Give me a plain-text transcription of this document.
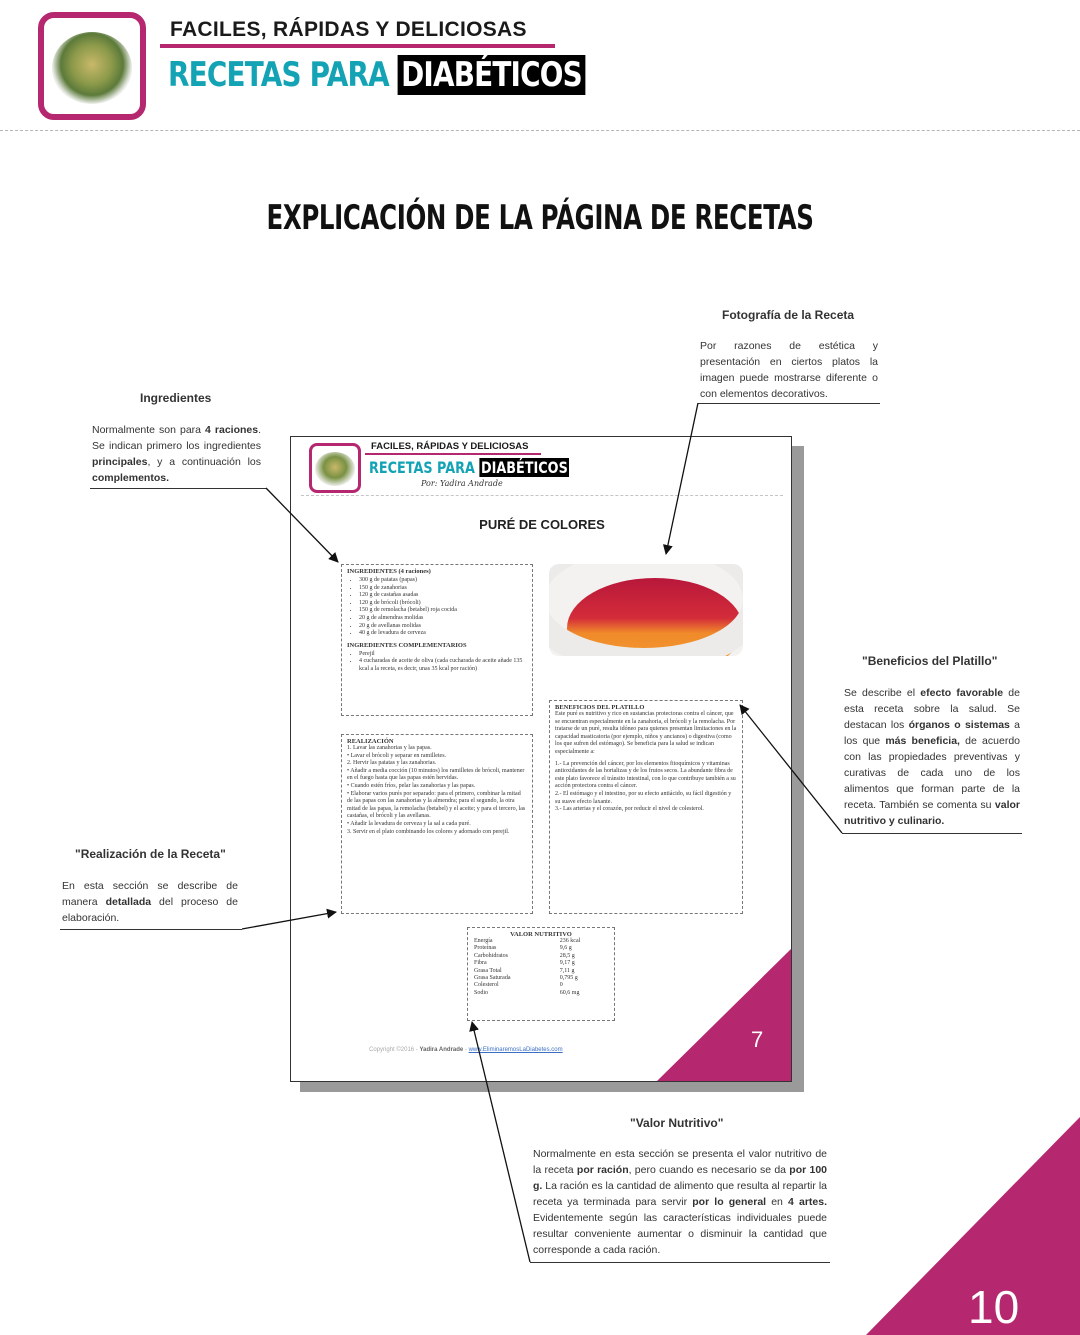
FACILES, RÁPIDAS Y DELICIOSAS
RECETAS PARA DIABÉTICOS
EXPLICACIÓN DE LA PÁGINA DE RECETAS
Fotografía de la Receta
Por razones de estética y presentación en ciertos platos la imagen puede mostrarse diferente o con elementos decorativos.
Ingredientes
Normalmente son para 4 raciones. Se indican primero los ingredientes principales, y a continuación los complementos.
"Beneficios del Platillo"
Se describe el efecto favorable de esta receta sobre la salud. Se destacan los órganos o sistemas a los que más beneficia, de acuerdo con las propiedades preventivas y curativas de cada uno de los alimentos que forman parte de la receta. También se comenta su valor nutritivo y culinario.
"Realización de la Receta"
En esta sección se describe de manera detallada del proceso de elaboración.
"Valor Nutritivo"
Normalmente en esta sección se presenta el valor nutritivo de la receta por ración, pero cuando es necesario se da por 100 g. La ración es la cantidad de alimento que resulta al repartir la receta ya terminada para servir por lo general en 4 artes. Evidentemente según las características individuales puede resultar conveniente aumentar o disminuir la cantidad que corresponde a cada ración.
FACILES, RÁPIDAS Y DELICIOSAS
RECETAS PARA DIABÉTICOS
Por: Yadira Andrade
PURÉ DE COLORES
INGREDIENTES (4 raciones)
• 300 g de patatas (papas)
• 150 g de zanahorias
• 120 g de castañas asadas
• 120 g de brócoli (brócoli)
• 150 g de remolacha (betabel) roja cocida
• 20 g de almendras molidas
• 20 g de avellanas molidas
• 40 g de levadura de cerveza
INGREDIENTES COMPLEMENTARIOS
• Perejil
• 4 cucharadas de aceite de oliva (cada cucharada de aceite añade 135 kcal a la receta, es decir, unas 35 kcal por ración)
REALIZACIÓN

1. Lavar las zanahorias y las papas.

• Lavar el brócoli y separar en ramilletes.

2. Hervir las patatas y las zanahorias.

• Añadir a media cocción (10 minutos) los ramilletes de brócoli, mantener en el fuego hasta que las papas estén hervidas.

• Cuando estén fríos, pelar las zanahorias y las papas.

• Elaborar varios purés por separado: para el primero, combinar la mitad de las papas con las zanahorias y la almendra; para el segundo, la otra mitad de las papas, la remolacha (betabel) y el aceite; y para el tercero, las castañas, el brócoli y las avellanas.

• Añadir la levadura de cerveza y la sal a cada puré.

3. Servir en el plato combinando los colores y adornado con perejil.

BENEFICIOS DEL PLATILLO

Este puré es nutritivo y rico en sustancias protectoras contra el cáncer, que se encuentran especialmente en la zanahoria, el brócoli y la remolacha. Por tratarse de un puré, resulta idóneo para quienes presentan limitaciones en la capacidad masticatoria (por ejemplo, niños y ancianos) o digestiva (como los que sufren del estómago). Se beneficia para la salud se indican especialmente a:

1.- La prevención del cáncer, por los elementos fitoquímicos y vitaminas antioxidantes de las hortalizas y de los frutos secos. La abundante fibra de este plato favorece el tránsito intestinal, con lo que contribuye también a su acción protectora contra el cáncer.

2.- El estómago y el intestino, por su efecto antiácido, su fácil digestión y su suave efecto laxante.

3.- Las arterias y el corazón, por reducir el nivel de colesterol.

VALOR NUTRITIVO
Energía	236 kcal
Proteínas	9,6 g
Carbohidratos	28,5 g
Fibra	9,17 g
Grasa Total	7,11 g
Grasa Saturada	0,795 g
Colesterol	0
Sodio	60,6 mg
7
Copyright ©2016 - Yadira Andrade - www.EliminaremosLaDiabetes.com
10
